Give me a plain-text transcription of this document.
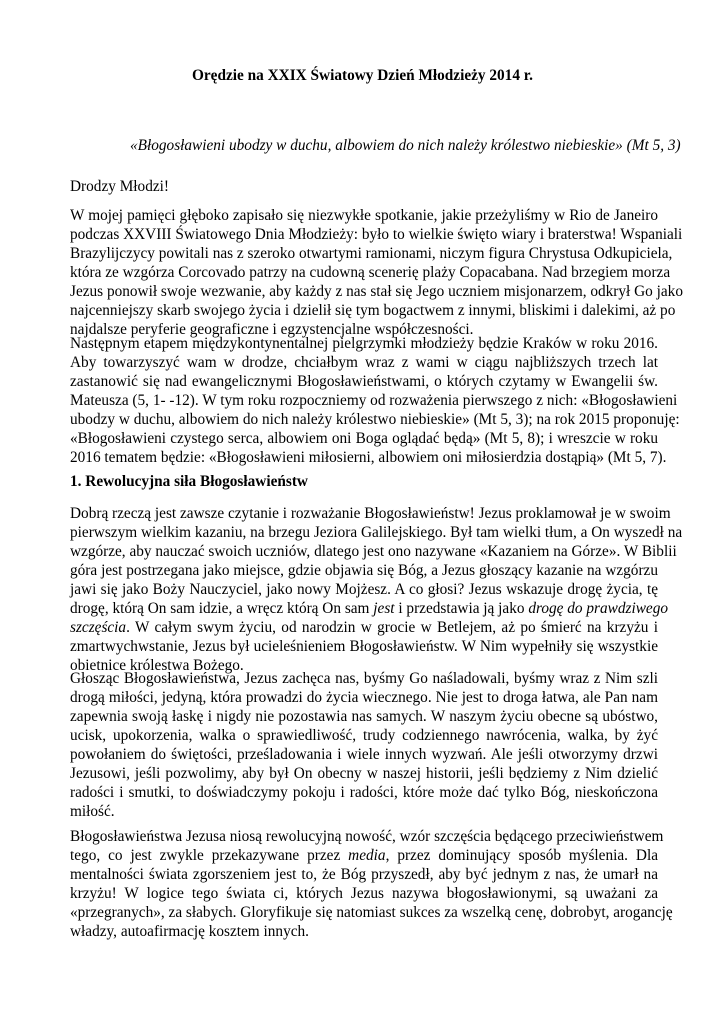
Orędzie na XXIX Światowy Dzień Młodzieży 2014 r.

«Błogosławieni ubodzy w duchu, albowiem do nich należy królestwo niebieskie» (Mt 5, 3)

Drodzy Młodzi!

W mojej pamięci głęboko zapisało się niezwykłe spotkanie, jakie przeżyliśmy w Rio de Janeiro
podczas XXVIII Światowego Dnia Młodzieży: było to wielkie święto wiary i braterstwa! Wspaniali
Brazylijczycy powitali nas z szeroko otwartymi ramionami, niczym figura Chrystusa Odkupiciela,
która ze wzgórza Corcovado patrzy na cudowną scenerię plaży Copacabana. Nad brzegiem morza
Jezus ponowił swoje wezwanie, aby każdy z nas stał się Jego uczniem misjonarzem, odkrył Go jako
najcenniejszy skarb swojego życia i dzielił się tym bogactwem z innymi, bliskimi i dalekimi, aż po
najdalsze peryferie geograficzne i egzystencjalne współczesności.
Następnym etapem międzykontynentalnej pielgrzymki młodzieży będzie Kraków w roku 2016.
Aby towarzyszyć wam w drodze, chciałbym wraz z wami w ciągu najbliższych trzech lat
zastanowić się nad ewangelicznymi Błogosławieństwami, o których czytamy w Ewangelii św.
Mateusza (5, 1- -12). W tym roku rozpoczniemy od rozważenia pierwszego z nich: «Błogosławieni
ubodzy w duchu, albowiem do nich należy królestwo niebieskie» (Mt 5, 3); na rok 2015 proponuję:
«Błogosławieni czystego serca, albowiem oni Boga oglądać będą» (Mt 5, 8); i wreszcie w roku
2016 tematem będzie: «Błogosławieni miłosierni, albowiem oni miłosierdzia dostąpią» (Mt 5, 7).
1. Rewolucyjna siła Błogosławieństw
Dobrą rzeczą jest zawsze czytanie i rozważanie Błogosławieństw! Jezus proklamował je w swoim
pierwszym wielkim kazaniu, na brzegu Jeziora Galilejskiego. Był tam wielki tłum, a On wyszedł na
wzgórze, aby nauczać swoich uczniów, dlatego jest ono nazywane «Kazaniem na Górze». W Biblii
góra jest postrzegana jako miejsce, gdzie objawia się Bóg, a Jezus głoszący kazanie na wzgórzu
jawi się jako Boży Nauczyciel, jako nowy Mojżesz. A co głosi? Jezus wskazuje drogę życia, tę
drogę, którą On sam idzie, a wręcz którą On sam jest i przedstawia ją jako drogę do prawdziwego
szczęścia. W całym swym życiu, od narodzin w grocie w Betlejem, aż po śmierć na krzyżu i
zmartwychwstanie, Jezus był ucieleśnieniem Błogosławieństw. W Nim wypełniły się wszystkie
obietnice królestwa Bożego.
Głosząc Błogosławieństwa, Jezus zachęca nas, byśmy Go naśladowali, byśmy wraz z Nim szli
drogą miłości, jedyną, która prowadzi do życia wiecznego. Nie jest to droga łatwa, ale Pan nam
zapewnia swoją łaskę i nigdy nie pozostawia nas samych. W naszym życiu obecne są ubóstwo,
ucisk, upokorzenia, walka o sprawiedliwość, trudy codziennego nawrócenia, walka, by żyć
powołaniem do świętości, prześladowania i wiele innych wyzwań. Ale jeśli otworzymy drzwi
Jezusowi, jeśli pozwolimy, aby był On obecny w naszej historii, jeśli będziemy z Nim dzielić
radości i smutki, to doświadczymy pokoju i radości, które może dać tylko Bóg, nieskończona
miłość.
Błogosławieństwa Jezusa niosą rewolucyjną nowość, wzór szczęścia będącego przeciwieństwem
tego, co jest zwykle przekazywane przez media, przez dominujący sposób myślenia. Dla
mentalności świata zgorszeniem jest to, że Bóg przyszedł, aby być jednym z nas, że umarł na
krzyżu! W logice tego świata ci, których Jezus nazywa błogosławionymi, są uważani za
«przegranych», za słabych. Gloryfikuje się natomiast sukces za wszelką cenę, dobrobyt, arogancję
władzy, autoafirmację kosztem innych.
